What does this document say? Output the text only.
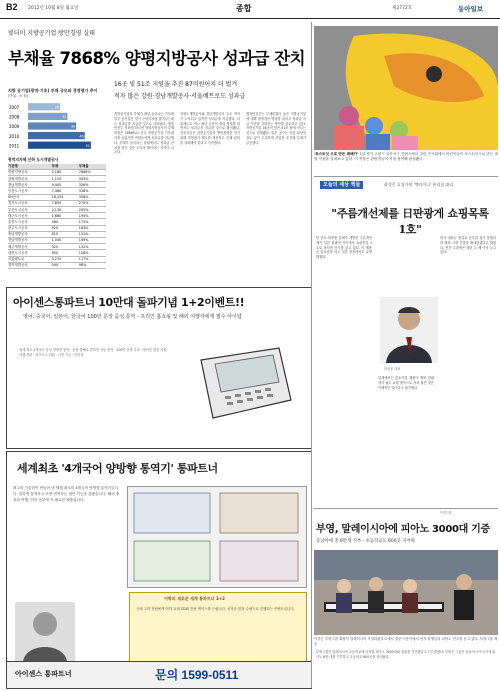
B2 2012년 10월 8일 월요일	종합	제2772호	동아일보
빚더미 지방공기업 방만경영 실태
부채율 7868% 양평지방공사 성과급 잔치
16곳 빚 51조 지원을 추진 87억원어치 더 벌겨
적자 많은 강원·경남개발공사·서울메트로도 성과급
지방 공기업(광역·기초) 부채 규모와 경영평가 추이
(단위: 조 원)
2007	26
2008	32
2009	39
2010	46
2011	51
광역지자체 산하 도시개발공사
기관명	부채	부채율
양평지방공사	5,180	7868%
강원개발공사	1,120	343%
경남개발공사	9,405	326%
인천도시공사	7,460	318%
SH공사	18,254	306%
경기도시공사	7,850	272%
부산도시공사	2,130	205%
대구도시공사	1,680	194%
울산도시공사	480	172%
광주도시공사	920	163%
충남개발공사	610	151%
전남개발공사	1,040	149%
제주개발공사	320	132%
대전도시공사	850	128%
서울메트로	3,270	117%
경북개발공사	540	98%
지방공기업의 부채가 매년 늘어나는 가운데 일부 공기업은 빚이 눈덩이처럼 불어나는데도 성과급을 지급한 것으로 나타났다. 행정안전부 자료에 따르면 양평지방공사의 부채비율은 7868%로 전국 지방공기업 가운데 가장 높았지만 직원들에게 성과급을 지급했다. 부채가 늘어나는 상황에서도 성과급 잔치를 벌인 것은 도덕적 해이라는 지적이 나온다.
강원도개발공사와 경남개발공사 등도 적자가 누적되고 있지만 성과급을 지급했다. 서울메트로 역시 매년 수천억 원대 적자를 내면서도 성과급을 지급한 것으로 확인됐다. 전문가들은 지방공기업의 방만경영을 막기 위해 경영평가 제도를 개선하고 부채 관리를 강화해야 한다고 지적했다.
행정안전부는 부채비율이 높은 지방공기업에 대해 경영개선 명령을 내리고 성과급 지급 기준을 강화하는 방안을 검토하고 있다. 지방공기업 16곳의 빚은 51조 원에 이르는 것으로 집계됐다. 일부 공사는 사업 타당성 검토 없이 무리하게 사업을 추진해 부채가 급증했다.
아이센스통파트너 10만대 돌파기념 1+2이벤트!!
영어, 중국어, 일본어, 한국어 100만 문장 음성 통역 - 프리인 홈쇼핑 및 해외 여행자에게 필수 아이템
· 세계 최초 4개국어 음성 양방향 통역 · 문장 통째로 말하면 자동 통역 · 100만 문장 수록 · 원어민 발음 지원 · 여행 회화 · 비즈니스 회화 · 사전 기능 · 단어장
세계최초 '4개국어 양방향 통역기' 통파트너
최고의 기술력이 만들어 낸 세계 최초의 4개국어 양방향 통역기입니다. 말하면 통역하고 쓰면 번역하는 첨단 기능을 갖췄습니다. 해외 출장과 여행, 어학 공부에 꼭 필요한 제품입니다.
어학의 새로운 세계 통파트너 1+2
구매 고객 전원에게 어학 교재 CD와 전용 케이스를 드립니다. 선착순 한정 수량으로 진행되는 이벤트입니다.
아이센스 통파트너	문의 1599-0511
'포스트잇 으로 만든 래배카' 7일 경기 고양시 일산서구 킨텍스에서 열린 전시회에서 어린이들이 포스트잇으로 만든 대형 작품을 살펴보고 있다. 이 작품은 관람객들이 직접 참여해 완성됐다.
오늘의 세상 찍둘	화성웅 호칭가원 '맥라이나' 유괴집 대리
"주름개선제를 日판광게 쇼핑목록 1호"
한 중소 화장품 업체가 개발한 주름개선제가 일본 관광객 사이에서 쇼핑목록 1호로 꼽히며 인기를 끌고 있다. 이 제품은 입소문을 타고 일본 현지에서도 유명해졌다.
회사 대표는 품질로 승부한 것이 통했다며 해외 시장 진출을 확대하겠다고 밝혔다. 연간 수출액은 매년 두 배 이상 늘고 있다.
업계에서는 중소기업 제품이 해외 관광객의 필수 쇼핑 품목으로 자리 잡은 것은 이례적인 일이라고 평가했다.
화성웅 대표
이미지
부영, 말레이시아에 피아노 3000대 기증
동남아에 총 6만개 기부 - 초등학교도 600곳 지어줘
이중근 부영그룹 회장이 말레이시아 쿠알라룸푸르에서 열린 기증식에서 현지 학생들의 피아노 연주를 듣고 있다. 부영그룹 제공
부영그룹은 말레이시아 초등학교에 디지털 피아노 3000대와 칠판을 기증했다고 7일 밝혔다. 부영은 그동안 동남아시아 국가에 피아노 6만 대를 기부하고 초등학교 600곳을 지어줬다.
